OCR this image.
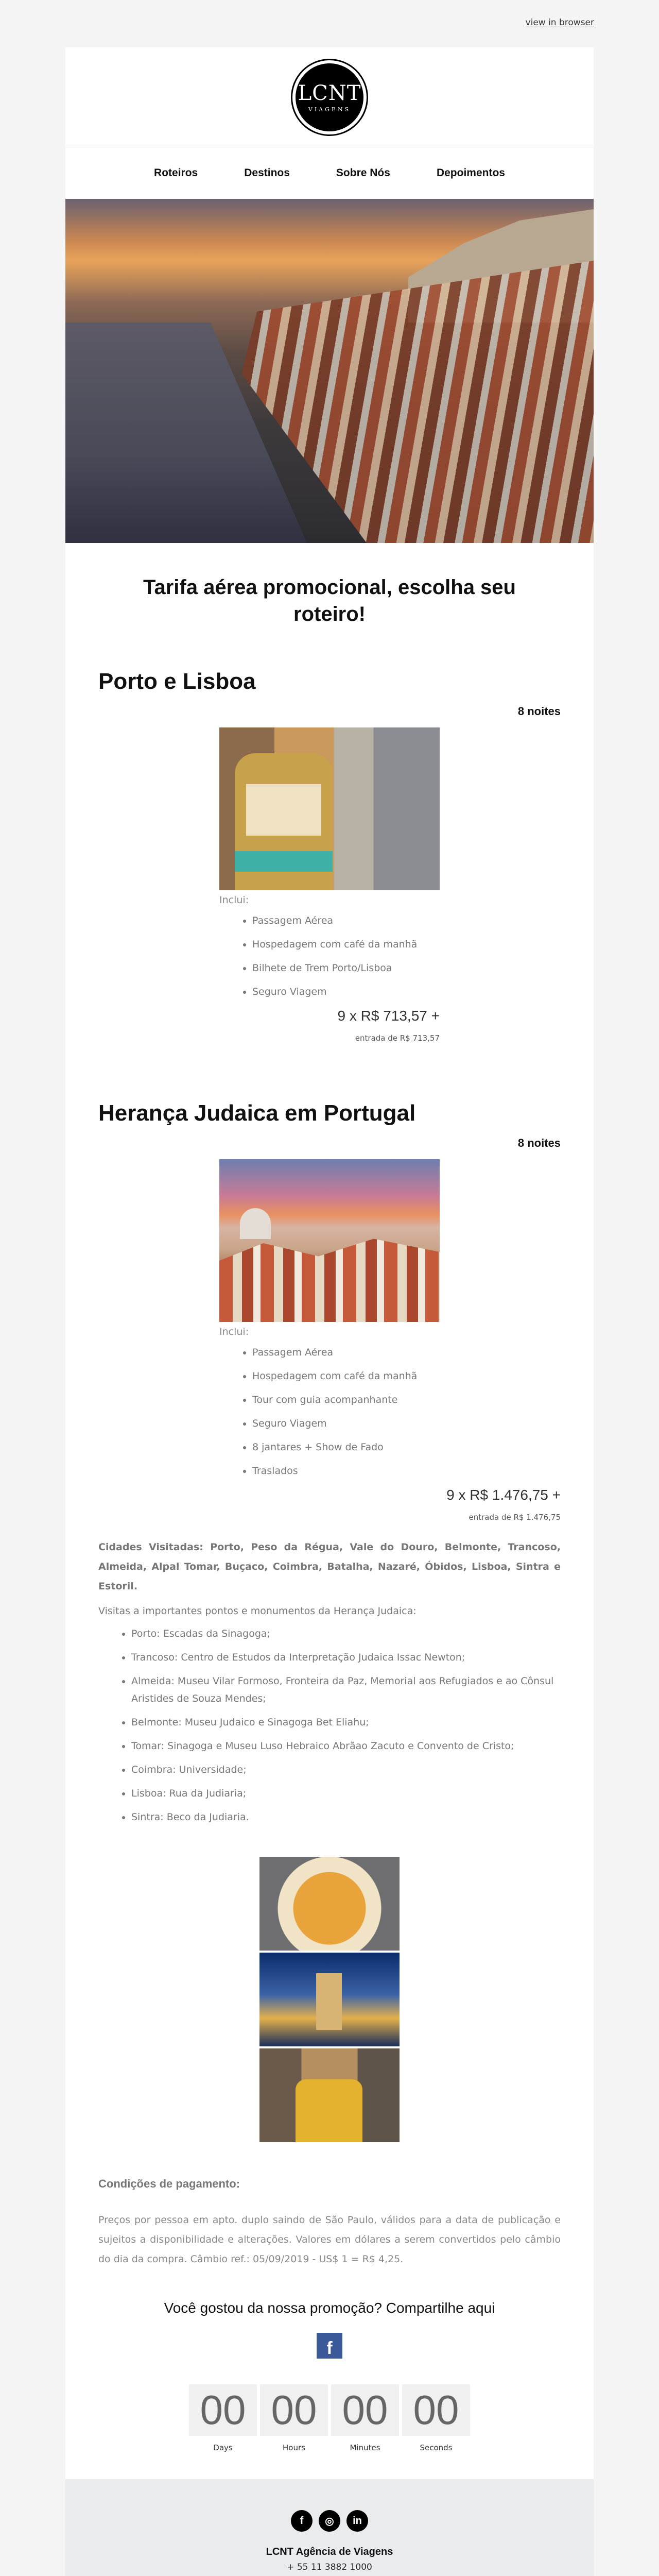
view in browser
LCNT
VIAGENS
Roteiros	Destinos	Sobre Nós	Depoimentos
Tarifa aérea promocional, escolha seu roteiro!
Porto e Lisboa
8 noites
Inclui:
• Passagem Aérea
• Hospedagem com café da manhã
• Bilhete de Trem Porto/Lisboa
• Seguro Viagem
9 x R$ 713,57 +
entrada de R$ 713,57
Herança Judaica em Portugal
8 noites
Inclui:
• Passagem Aérea
• Hospedagem com café da manhã
• Tour com guia acompanhante
• Seguro Viagem
• 8 jantares + Show de Fado
• Traslados
9 x R$ 1.476,75 +
entrada de R$ 1.476,75

Cidades Visitadas: Porto, Peso da Régua, Vale do Douro, Belmonte, Trancoso, Almeida, Alpal Tomar, Buçaco, Coimbra, Batalha, Nazaré, Óbidos, Lisboa, Sintra e Estoril.

Visitas a importantes pontos e monumentos da Herança Judaica:

• Porto: Escadas da Sinagoga;
• Trancoso: Centro de Estudos da Interpretação Judaica Issac Newton;
• Almeida: Museu Vilar Formoso, Fronteira da Paz, Memorial aos Refugiados e ao Cônsul Aristides de Souza Mendes;
• Belmonte: Museu Judaico e Sinagoga Bet Eliahu;
• Tomar: Sinagoga e Museu Luso Hebraico Abrãao Zacuto e Convento de Cristo;
• Coimbra: Universidade;
• Lisboa: Rua da Judiaria;
• Sintra: Beco da Judiaria.
Condições de pagamento:

Preços por pessoa em apto. duplo saindo de São Paulo, válidos para a data de publicação e sujeitos a disponibilidade e alterações. Valores em dólares a serem convertidos pelo câmbio do dia da compra. Câmbio ref.: 05/09/2019 - US$ 1 = R$ 4,25.

Você gostou da nossa promoção? Compartilhe aqui
f
00
Days
00
Hours
00
Minutes
00
Seconds
f	◎	in
LCNT Agência de Viagens
+ 55 11 3882 1000
